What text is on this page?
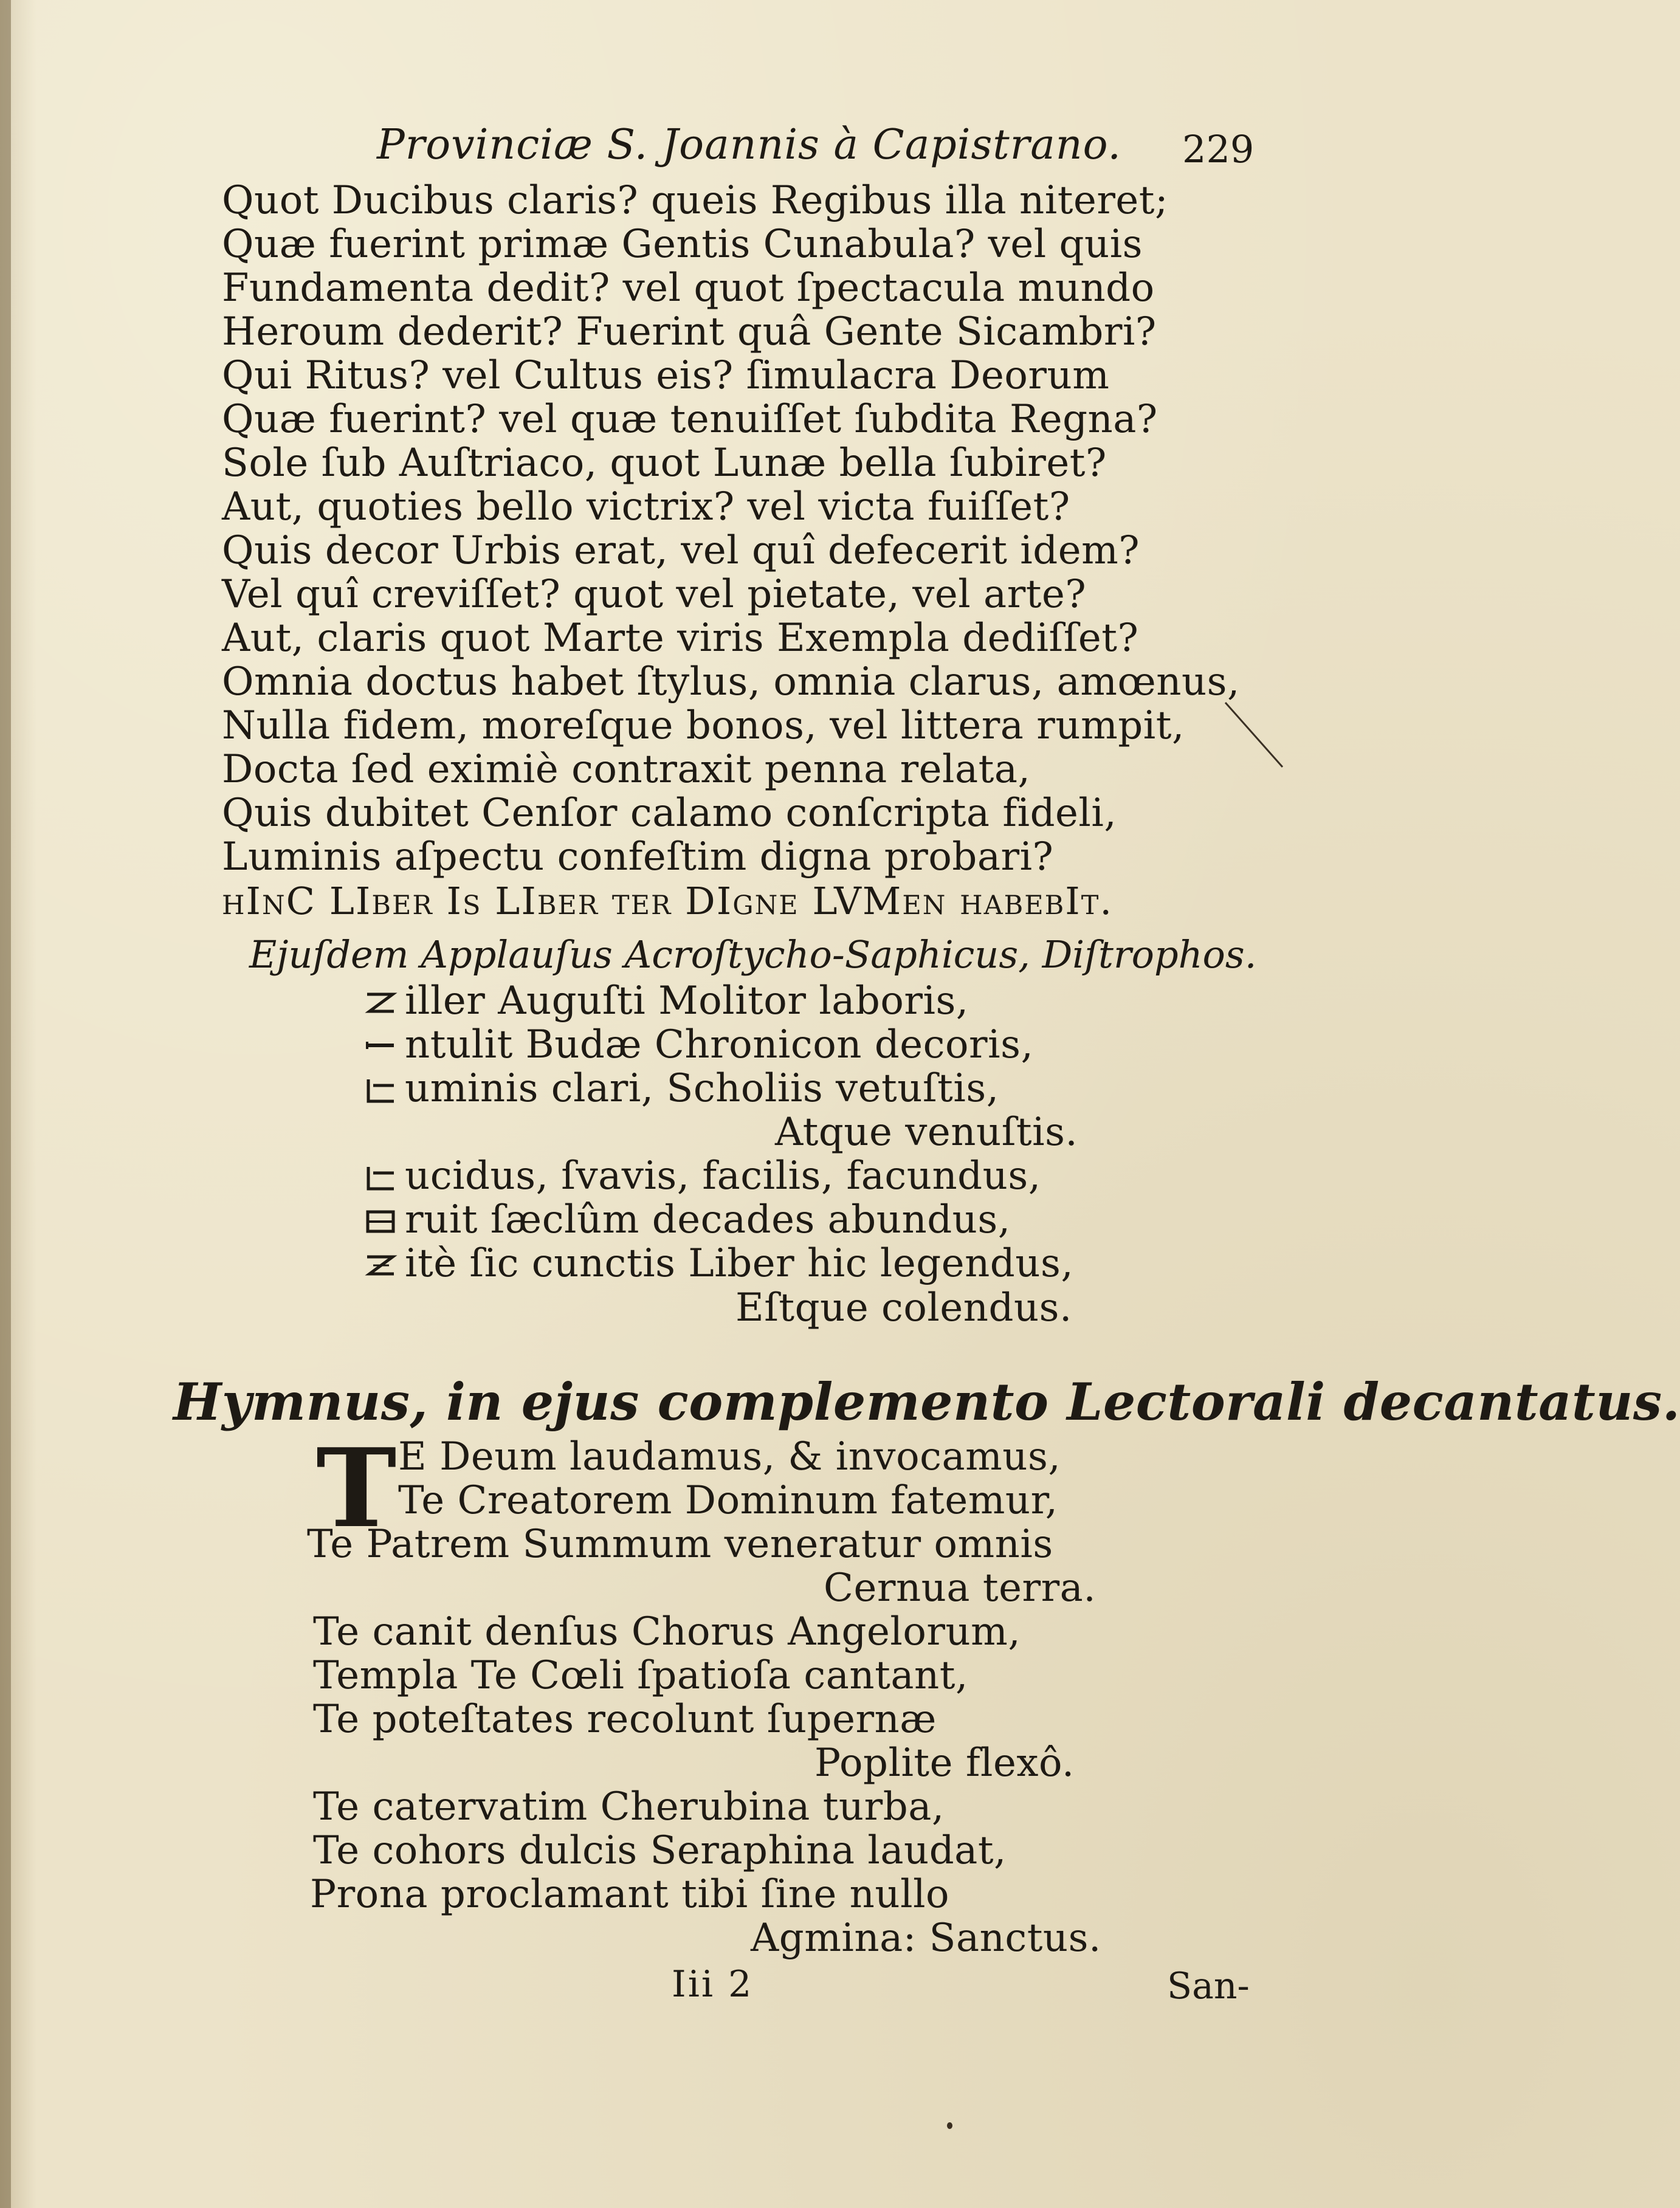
Provinciæ S. Joannis à Capistrano. 229
Quot Ducibus claris? queis Regibus illa niteret;
Quæ fuerint primæ Gentis Cunabula? vel quis
Fundamenta dedit? vel quot ſpectacula mundo
Heroum dederit? Fuerint quâ Gente Sicambri?
Qui Ritus? vel Cultus eis? ſimulacra Deorum
Quæ fuerint? vel quæ tenuiſſet ſubdita Regna?
Sole ſub Auſtriaco, quot Lunæ bella ſubiret?
Aut, quoties bello victrix? vel victa fuiſſet?
Quis decor Urbis erat, vel quî defecerit idem?
Vel quî creviſſet? quot vel pietate, vel arte?
Aut, claris quot Marte viris Exempla dediſſet?
Omnia doctus habet ſtylus, omnia clarus, amœnus,
Nulla fidem, moreſque bonos, vel littera rumpit,
Docta ſed eximiè contraxit penna relata,
Quis dubitet Cenſor calamo conſcripta fideli,
Luminis aſpectu confeſtim digna probari?
hInC LIber Is LIber ter DIgne LVMen habebIt.
Ejuſdem Applauſus Acroſtycho-Saphicus, Diſtrophos.
iller Auguſti Molitor laboris,
ntulit Budæ Chronicon decoris,
uminis clari, Scholiis vetuſtis,
Atque venuſtis.
ucidus, ſvavis, facilis, facundus,
ruit ſæclûm decades abundus,
itè ſic cunctis Liber hic legendus,
Eſtque colendus.
Hymnus, in ejus complemento Lectorali decantatus.
T E Deum laudamus, & invocamus,
Te Creatorem Dominum fatemur,
Te Patrem Summum veneratur omnis
Cernua terra.
Te canit denſus Chorus Angelorum,
Templa Te Cœli ſpatioſa cantant,
Te poteſtates recolunt ſupernæ
Poplite flexô.
Te catervatim Cherubina turba,
Te cohors dulcis Seraphina laudat,
Prona proclamant tibi ſine nullo
Agmina: Sanctus.
Iii 2	San-
